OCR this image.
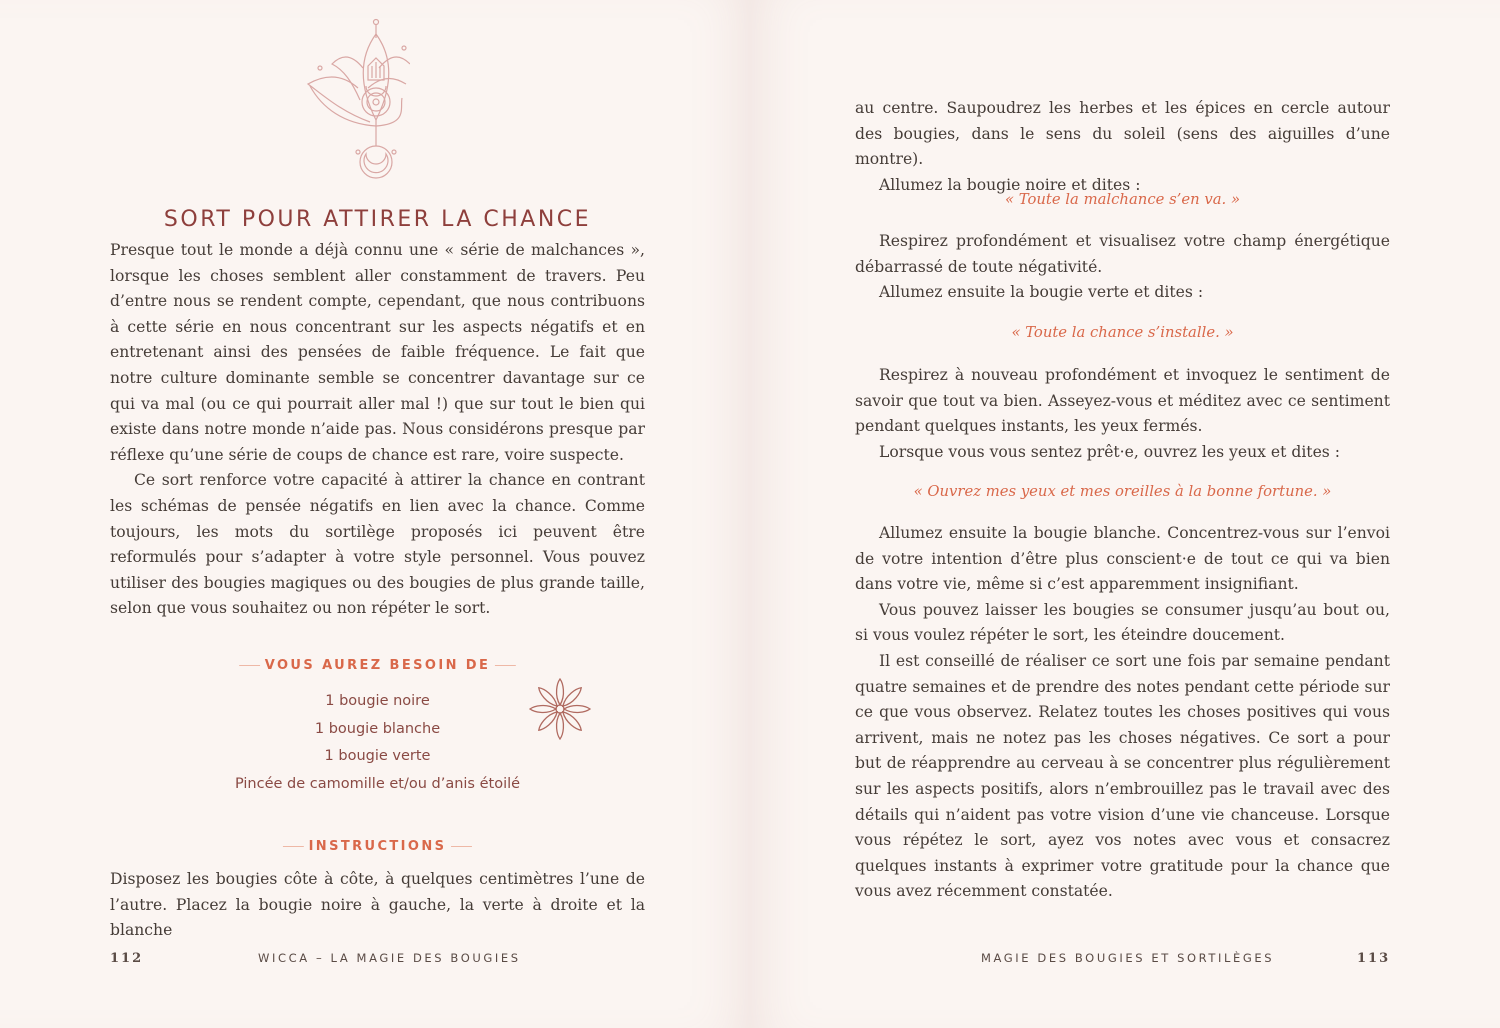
SORT POUR ATTIRER LA CHANCE

Presque tout le monde a déjà connu une « série de malchances », lorsque les choses semblent aller constamment de travers. Peu d’entre nous se rendent compte, cependant, que nous contribuons à cette série en nous concentrant sur les aspects négatifs et en entretenant ainsi des pensées de faible fréquence. Le fait que notre culture dominante semble se concentrer davantage sur ce qui va mal (ou ce qui pourrait aller mal !) que sur tout le bien qui existe dans notre monde n’aide pas. Nous considérons presque par réflexe qu’une série de coups de chance est rare, voire suspecte.

Ce sort renforce votre capacité à attirer la chance en contrant les schémas de pensée négatifs en lien avec la chance. Comme toujours, les mots du sortilège proposés ici peuvent être reformulés pour s’adapter à votre style personnel. Vous pouvez utiliser des bougies magiques ou des bougies de plus grande taille, selon que vous souhaitez ou non répéter le sort.

⸺ VOUS AUREZ BESOIN DE ⸺
1 bougie noire
1 bougie blanche
1 bougie verte
Pincée de camomille et/ou d’anis étoilé
⸺ INSTRUCTIONS ⸺

Disposez les bougies côte à côte, à quelques centimètres l’une de l’autre. Placez la bougie noire à gauche, la verte à droite et la blanche

112	WICCA – LA MAGIE DES BOUGIES

au centre. Saupoudrez les herbes et les épices en cercle autour des bougies, dans le sens du soleil (sens des aiguilles d’une montre).

Allumez la bougie noire et dites :

« Toute la malchance s’en va. »

Respirez profondément et visualisez votre champ énergétique débarrassé de toute négativité.

Allumez ensuite la bougie verte et dites :

« Toute la chance s’installe. »

Respirez à nouveau profondément et invoquez le sentiment de savoir que tout va bien. Asseyez-vous et méditez avec ce sentiment pendant quelques instants, les yeux fermés.

Lorsque vous vous sentez prêt·e, ouvrez les yeux et dites :

« Ouvrez mes yeux et mes oreilles à la bonne fortune. »

Allumez ensuite la bougie blanche. Concentrez-vous sur l’envoi de votre intention d’être plus conscient·e de tout ce qui va bien dans votre vie, même si c’est apparemment insignifiant.

Vous pouvez laisser les bougies se consumer jusqu’au bout ou, si vous voulez répéter le sort, les éteindre doucement.

Il est conseillé de réaliser ce sort une fois par semaine pendant quatre semaines et de prendre des notes pendant cette période sur ce que vous observez. Relatez toutes les choses positives qui vous arrivent, mais ne notez pas les choses négatives. Ce sort a pour but de réapprendre au cerveau à se concentrer plus régulièrement sur les aspects positifs, alors n’embrouillez pas le travail avec des détails qui n’aident pas votre vision d’une vie chanceuse. Lorsque vous répétez le sort, ayez vos notes avec vous et consacrez quelques instants à exprimer votre gratitude pour la chance que vous avez récemment constatée.

MAGIE DES BOUGIES ET SORTILÈGES	113
